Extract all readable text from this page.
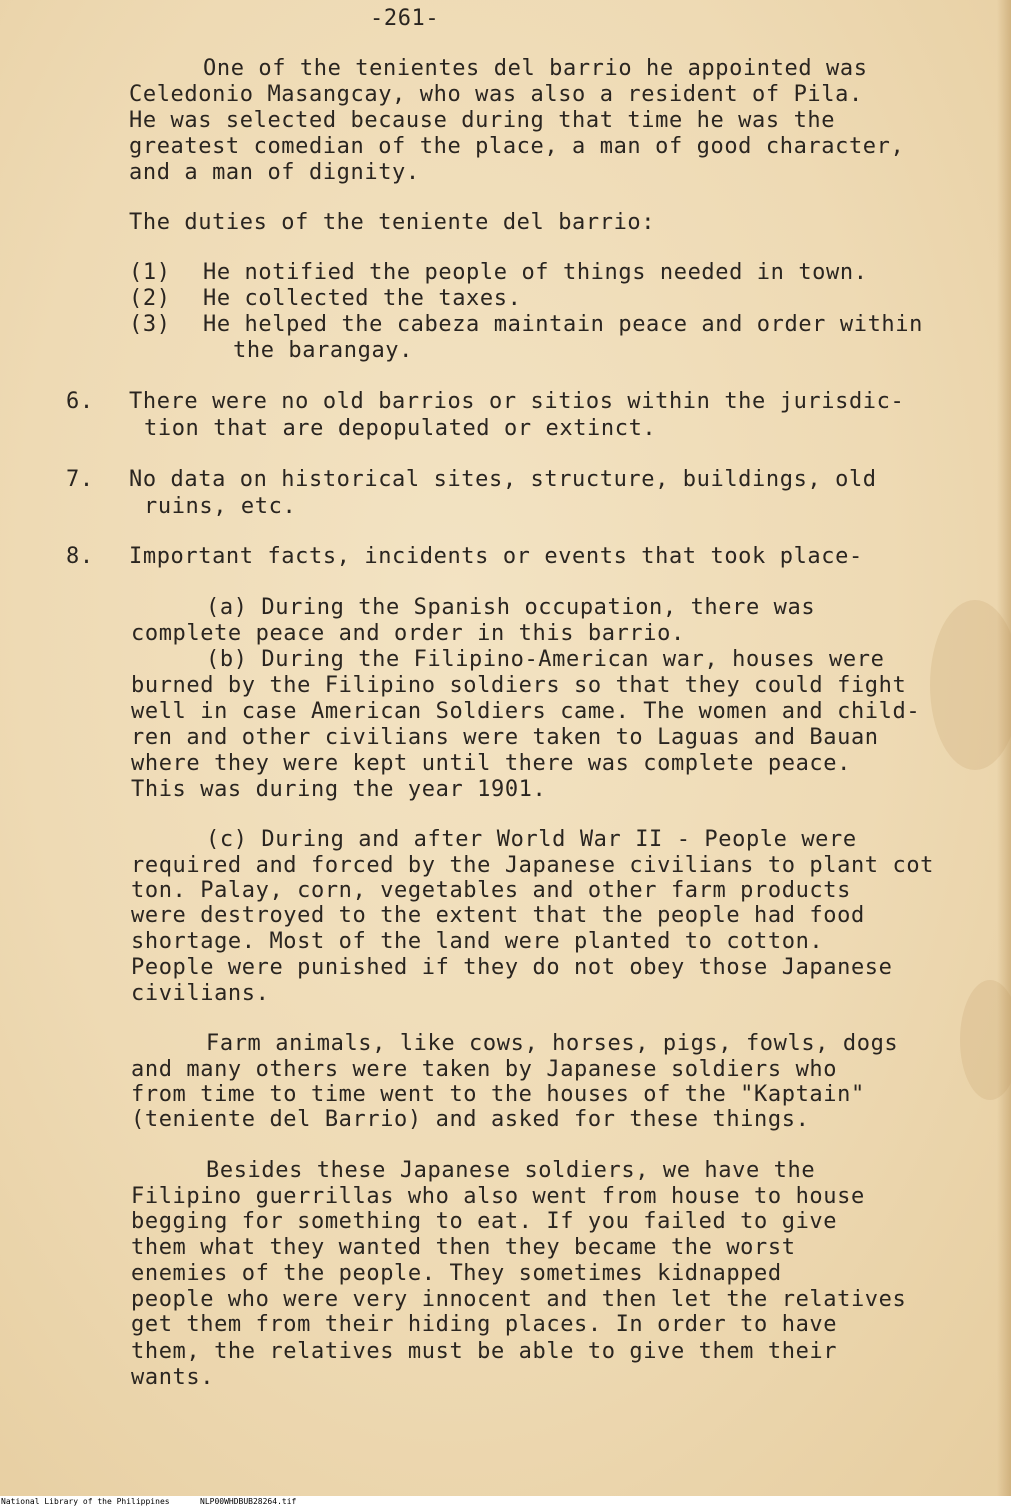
-261-

One of the tenientes del barrio he appointed was

Celedonio Masangcay, who was also a resident of Pila.

He was selected because during that time he was the

greatest comedian of the place, a man of good character,

and a man of dignity.

The duties of the teniente del barrio:

(1) He notified the people of things needed in town.

(2) He collected the taxes.

(3) He helped the cabeza maintain peace and order within

the barangay.

6. There were no old barrios or sitios within the jurisdic-

tion that are depopulated or extinct.

7. No data on historical sites, structure, buildings, old

ruins, etc.

8. Important facts, incidents or events that took place-

(a) During the Spanish occupation, there was

complete peace and order in this barrio.

(b) During the Filipino-American war, houses were

burned by the Filipino soldiers so that they could fight

well in case American Soldiers came. The women and child-

ren and other civilians were taken to Laguas and Bauan

where they were kept until there was complete peace.

This was during the year 1901.

(c) During and after World War II - People were

required and forced by the Japanese civilians to plant cot

ton. Palay, corn, vegetables and other farm products

were destroyed to the extent that the people had food

shortage. Most of the land were planted to cotton.

People were punished if they do not obey those Japanese

civilians.

Farm animals, like cows, horses, pigs, fowls, dogs

and many others were taken by Japanese soldiers who

from time to time went to the houses of the "Kaptain"

(teniente del Barrio) and asked for these things.

Besides these Japanese soldiers, we have the

Filipino guerrillas who also went from house to house

begging for something to eat. If you failed to give

them what they wanted then they became the worst

enemies of the people. They sometimes kidnapped

people who were very innocent and then let the relatives

get them from their hiding places. In order to have

them, the relatives must be able to give them their

wants.

National Library of the Philippines	NLP00WHDBUB28264.tif
